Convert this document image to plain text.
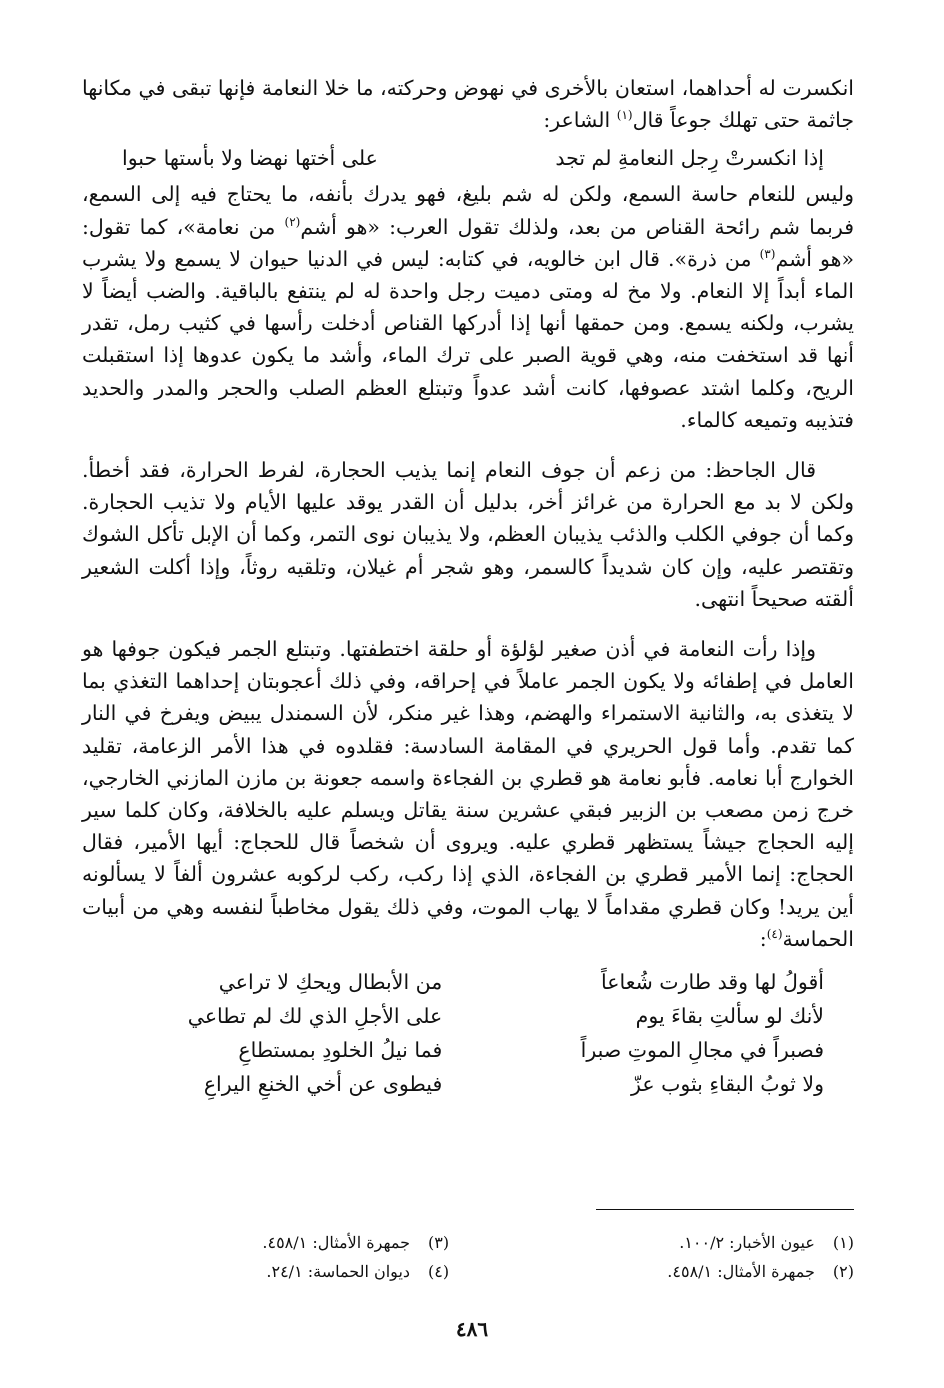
انكسرت له أحداهما، استعان بالأخرى في نهوض وحركته، ما خلا النعامة فإنها تبقى في مكانها جاثمة حتى تهلك جوعاً قال$^{(١)}$ الشاعر:

إذا انكسرتْ رِجل النعامةِ لم تجد
على أختها نهضا ولا بأستها حبوا

وليس للنعام حاسة السمع، ولكن له شم بليغ، فهو يدرك بأنفه، ما يحتاج فيه إلى السمع، فربما شم رائحة القناص من بعد، ولذلك تقول العرب: «هو أشم$^{(٢)}$ من نعامة»، كما تقول: «هو أشم$^{(٣)}$ من ذرة». قال ابن خالويه، في كتابه: ليس في الدنيا حيوان لا يسمع ولا يشرب الماء أبداً إلا النعام. ولا مخ له ومتى دميت رجل واحدة له لم ينتفع بالباقية. والضب أيضاً لا يشرب، ولكنه يسمع. ومن حمقها أنها إذا أدركها القناص أدخلت رأسها في كثيب رمل، تقدر أنها قد استخفت منه، وهي قوية الصبر على ترك الماء، وأشد ما يكون عدوها إذا استقبلت الريح، وكلما اشتد عصوفها، كانت أشد عدواً وتبتلع العظم الصلب والحجر والمدر والحديد فتذيبه وتميعه كالماء.

قال الجاحظ: من زعم أن جوف النعام إنما يذيب الحجارة، لفرط الحرارة، فقد أخطأ. ولكن لا بد مع الحرارة من غرائز أخر، بدليل أن القدر يوقد عليها الأيام ولا تذيب الحجارة. وكما أن جوفي الكلب والذئب يذيبان العظم، ولا يذيبان نوى التمر، وكما أن الإبل تأكل الشوك وتقتصر عليه، وإن كان شديداً كالسمر، وهو شجر أم غيلان، وتلقيه روثاً، وإذا أكلت الشعير ألقته صحيحاً انتهى.

وإذا رأت النعامة في أذن صغير لؤلؤة أو حلقة اختطفتها. وتبتلع الجمر فيكون جوفها هو العامل في إطفائه ولا يكون الجمر عاملاً في إحراقه، وفي ذلك أعجوبتان إحداهما التغذي بما لا يتغذى به، والثانية الاستمراء والهضم، وهذا غير منكر، لأن السمندل يبيض ويفرخ في النار كما تقدم. وأما قول الحريري في المقامة السادسة: فقلدوه في هذا الأمر الزعامة، تقليد الخوارج أبا نعامه. فأبو نعامة هو قطري بن الفجاءة واسمه جعونة بن مازن المازني الخارجي، خرج زمن مصعب بن الزبير فبقي عشرين سنة يقاتل ويسلم عليه بالخلافة، وكان كلما سير إليه الحجاج جيشاً يستظهر قطري عليه. ويروى أن شخصاً قال للحجاج: أيها الأمير، فقال الحجاج: إنما الأمير قطري بن الفجاءة، الذي إذا ركب، ركب لركوبه عشرون ألفاً لا يسألونه أين يريد! وكان قطري مقداماً لا يهاب الموت، وفي ذلك يقول مخاطباً لنفسه وهي من أبيات الحماسة$^{(٤)}$:

أقولُ لها وقد طارت شُعاعاً
من الأبطال ويحكِ لا تراعي
لأنك لو سألتِ بقاءَ يوم
على الأجلِ الذي لك لم تطاعي
فصبراً في مجالِ الموتِ صبراً
فما نيلُ الخلودِ بمستطاعِ
ولا ثوبُ البقاءِ بثوب عزّ
فيطوى عن أخي الخنعِ اليراعِ
(١) عيون الأخبار: ١٠٠/٢.
(٢) جمهرة الأمثال: ٤٥٨/١.
(٣) جمهرة الأمثال: ٤٥٨/١.
(٤) ديوان الحماسة: ٢٤/١.
٤٨٦
